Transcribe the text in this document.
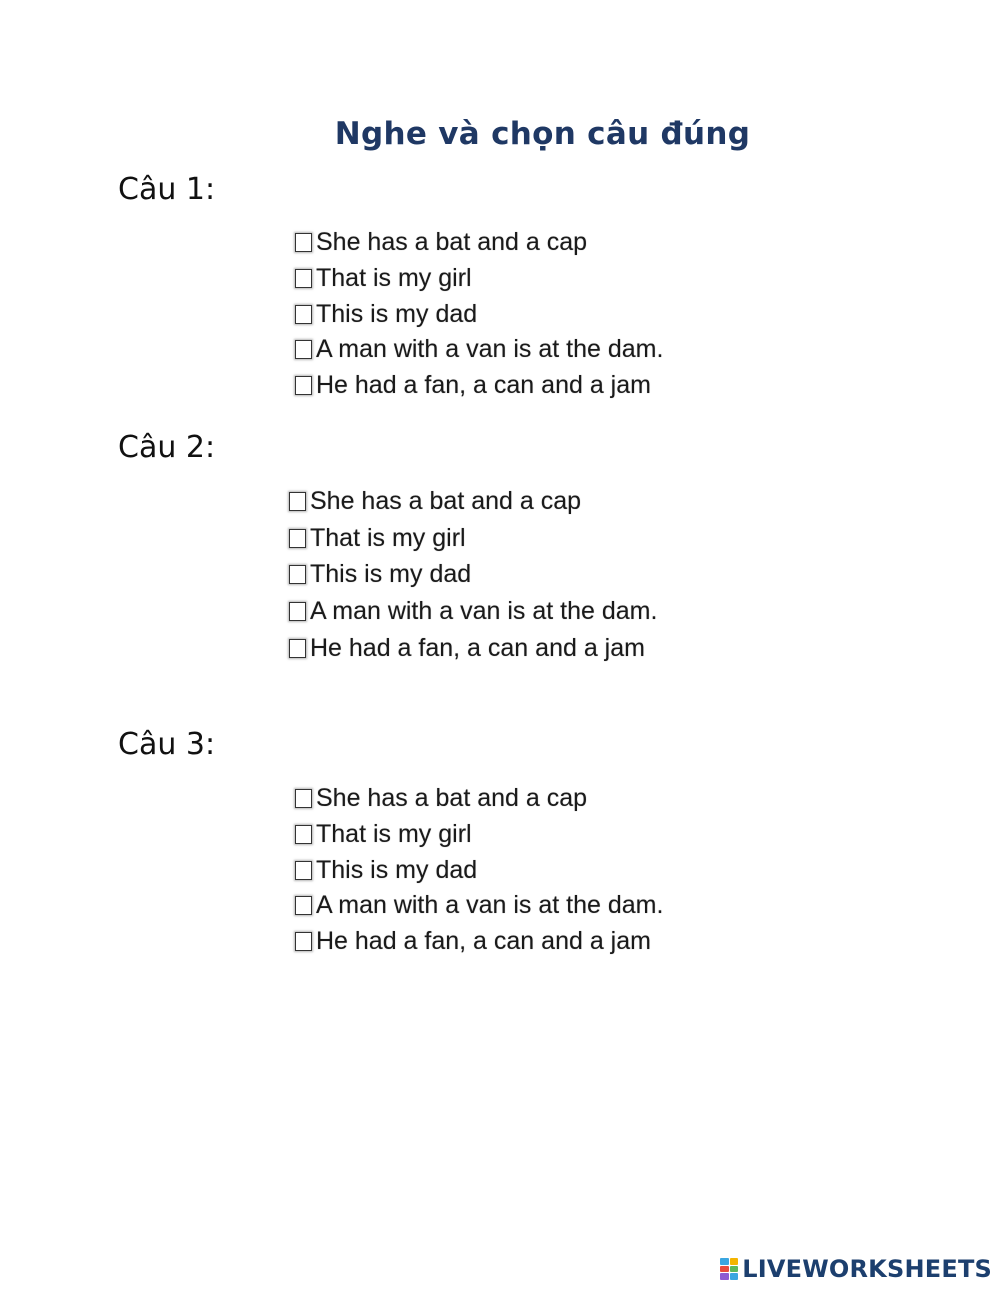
Nghe và chọn câu đúng
Câu 1:
She has a bat and a cap
That is my girl
This is my dad
A man with a van is at the dam.
He had a fan, a can and a jam
Câu 2:
She has a bat and a cap
That is my girl
This is my dad
A man with a van is at the dam.
He had a fan, a can and a jam
Câu 3:
She has a bat and a cap
That is my girl
This is my dad
A man with a van is at the dam.
He had a fan, a can and a jam
LIVEWORKSHEETS
